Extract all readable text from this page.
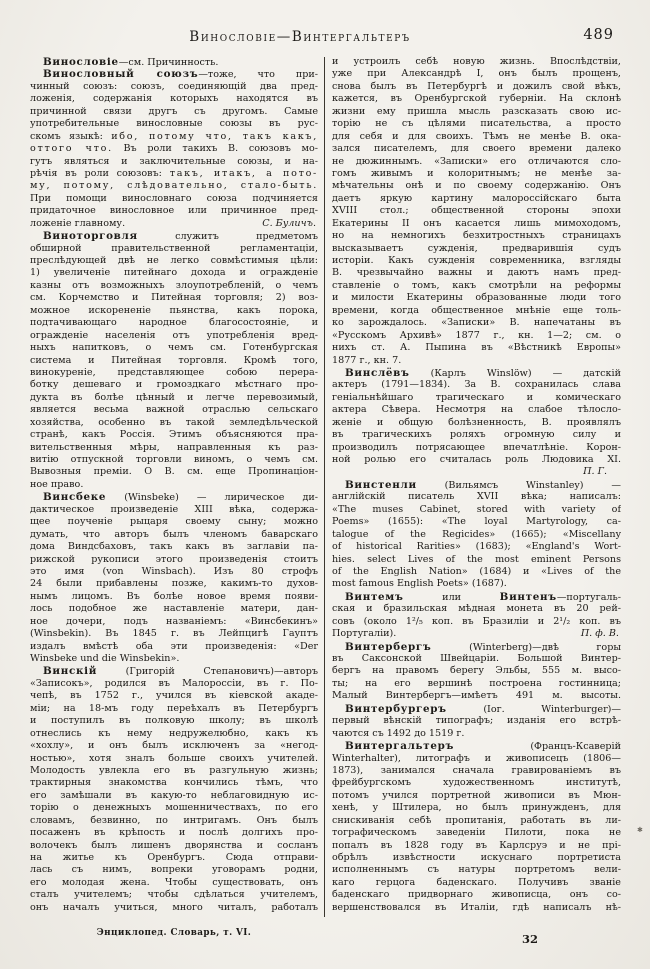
Винословіе—Винтергальтеръ	489
Винословіе—см. Причинность.
Винословный союзъ—тоже, что при-
чинный союзъ: союзъ, соединяющій два пред-
ложенія, содержанія которыхъ находятся въ
причинной связи другъ съ другомъ. Самые
употребительные винословные союзы въ рус-
скомъ языкѣ: ибо, потому что, такъ какъ,
оттого что. Въ роли такихъ В. союзовъ мо-
гутъ являться и заключительные союзы, и на-
рѣчія въ роли союзовъ: такъ, итакъ, а пото-
му, потому, слѣдовательно, стало-быть.
При помощи винословнаго союза подчиняется
придаточное винословное или причинное пред-
ложеніе главному.	С. Буличъ.
Виноторговля служитъ предметомъ
обширной правительственной регламентаціи,
преслѣдующей двѣ не легко совмѣстимыя цѣли:
1) увеличеніе питейнаго дохода и огражденіе
казны отъ возможныхъ злоупотребленій, о чемъ
см. Корчемство и Питейная торговля; 2) воз-
можное искорененіе пьянства, какъ порока,
подтачивающаго народное благосостояніе, и
огражденіе населенія отъ употребленія вред-
ныхъ напитковъ, о чемъ см. Готенбургская
система и Питейная торговля. Кромѣ того,
винокуреніе, представляющее собою перера-
ботку дешеваго и громоздкаго мѣстнаго про-
дукта въ болѣе цѣнный и легче перевозимый,
является весьма важной отраслью сельскаго
хозяйства, особенно въ такой земледѣльческой
странѣ, какъ Россія. Этимъ объясняются пра-
вительственныя мѣры, направленныя къ раз-
витію отпускной торговли виномъ, о чемъ см.
Вывозныя преміи. О В. см. еще Пропинаціон-
ное право.
Винсбеке (Winsbeke) — лирическое ди-
дактическое произведеніе XIII вѣка, содержа-
щее поученіе рыцаря своему сыну; можно
думать, что авторъ былъ членомъ баварскаго
дома Виндсбаховъ, такъ какъ въ заглавіи па-
рижской рукописи этого произведенія стоитъ
это имя (von Winsbach). Изъ 80 строфъ
24 были прибавлены позже, какимъ-то духов-
нымъ лицомъ. Въ болѣе новое время появи-
лось подобное же наставленіе матери, дан-
ное дочери, подъ названіемъ: «Винсбекинъ»
(Winsbekin). Въ 1845 г. въ Лейпцигѣ Гауптъ
издалъ вмѣстѣ оба эти произведенія: «Der
Winsbeke und die Winsbekin».
Винскій (Григорій Степановичъ)—авторъ
«Записокъ», родился въ Малороссіи, въ г. По-
чепѣ, въ 1752 г., учился въ кіевской акаде-
міи; на 18-мъ году переѣхалъ въ Петербургъ
и поступилъ въ полковую школу; въ школѣ
отнеслись къ нему недружелюбно, какъ къ
«хохлу», и онъ былъ исключенъ за «негод-
ностью», хотя зналъ больше своихъ учителей.
Молодость увлекла его въ разгульную жизнь;
трактирныя знакомства кончились тѣмъ, что
его замѣшали въ какую-то неблаговидную ис-
торію о денежныхъ мошенничествахъ, по его
словамъ, безвинно, по интригамъ. Онъ былъ
посаженъ въ крѣпость и послѣ долгихъ про-
волочекъ былъ лишенъ дворянства и сосланъ
на житье къ Оренбургъ. Сюда отправи-
лась съ нимъ, вопреки уговорамъ родни,
его молодая жена. Чтобы существовать, онъ
сталъ учителемъ; чтобы сдѣлаться учителемъ,
онъ началъ учиться, много читалъ, работалъ
и устроилъ себѣ новую жизнь. Впослѣдствіи,
уже при Александрѣ I, онъ былъ прощенъ,
снова былъ въ Петербургѣ и дожилъ свой вѣкъ,
кажется, въ Оренбургской губерніи. На склонѣ
жизни ему пришла мысль разсказать свою ис-
торію не съ цѣлями писательства, а просто
для себя и для своихъ. Тѣмъ не менѣе В. ока-
зался писателемъ, для своего времени далеко
не дюжиннымъ. «Записки» его отличаются сло-
гомъ живымъ и колоритнымъ; не менѣе за-
мѣчательны онѣ и по своему содержанію. Онъ
даетъ яркую картину малороссійскаго быта
XVIII стол.; общественной стороны эпохи
Екатерины II онъ касается лишь мимоходомъ,
но на немногихъ безхитростныхъ страницахъ
высказываетъ сужденія, предварившія судъ
исторіи. Какъ сужденія современника, взгляды
В. чрезвычайно важны и даютъ намъ пред-
ставленіе о томъ, какъ смотрѣли на реформы
и милости Екатерины образованные люди того
времени, когда общественное мнѣніе еще толь-
ко зарождалось. «Записки» В. напечатаны въ
«Русскомъ Архивѣ» 1877 г., кн. 1—2; см. о
нихъ ст. А. Пыпина въ «Вѣстникѣ Европы»
1877 г., кн. 7.
Винслёвъ (Карлъ Winslöw) — датскій
актеръ (1791—1834). За В. сохранилась слава
геніальнѣйшаго трагическаго и комическаго
актера Сѣвера. Несмотря на слабое тѣлосло-
женіе и общую болѣзненность, В. проявлялъ
въ трагическихъ роляхъ огромную силу и
производилъ потрясающее впечатлѣніе. Корон-
ной ролью его считалась роль Людовика XI.
П. Г.
Винстенли (Вильямсъ Winstanley) —
англійскій писатель XVII вѣка; написалъ:
«The muses Cabinet, stored with variety of
Poems» (1655): «The loyal Martyrology, ca-
talogue of the Regicides» (1665); «Miscellany
of historical Rarities» (1683); «England's Wort-
hies. select Lives of the most eminent Persons
of the English Nation» (1684) и «Lives of the
most famous English Poets» (1687).
Винтемъ или Винтенъ—португаль-
ская и бразильская мѣдная монета въ 20 рей-
совъ (около 1²/₅ коп. въ Бразиліи и 2¹/₂ коп. въ
Португаліи).	П. ф. В.
Винтербергъ (Winterberg)—двѣ горы
въ Саксонской Швейцаріи. Большой Винтер-
бергъ на правомъ берегу Эльбы, 555 м. высо-
ты; на его вершинѣ построена гостинница;
Малый Винтербергъ—имѣетъ 491 м. высоты.
Винтербургеръ (Іог. Winterburger)—
первый вѣнскій типографъ; изданія его встрѣ-
чаются съ 1492 до 1519 г.
Винтергальтеръ (Францъ-Ксаверій
Winterhalter), литографъ и живописецъ (1806—
1873), занимался сначала гравированіемъ въ
фрейбургскомъ художественномъ институтѣ,
потомъ учился портретной живописи въ Мюн-
хенѣ, у Штилера, но былъ принужденъ, для
снискиванія себѣ пропитанія, работать въ ли-
тографическомъ заведеніи Пилоти, пока не
попалъ въ 1828 году въ Карлсруэ и не прі-
обрѣлъ извѣстности искуснаго портретиста
исполненнымъ съ натуры портретомъ вели-
каго герцога баденскаго. Получивъ званіе
баденскаго придворнаго живописца, онъ со-
вершенствовался въ Италіи, гдѣ написалъ нѣ-
Энциклопед. Словарь, т. VI.	32
✱
